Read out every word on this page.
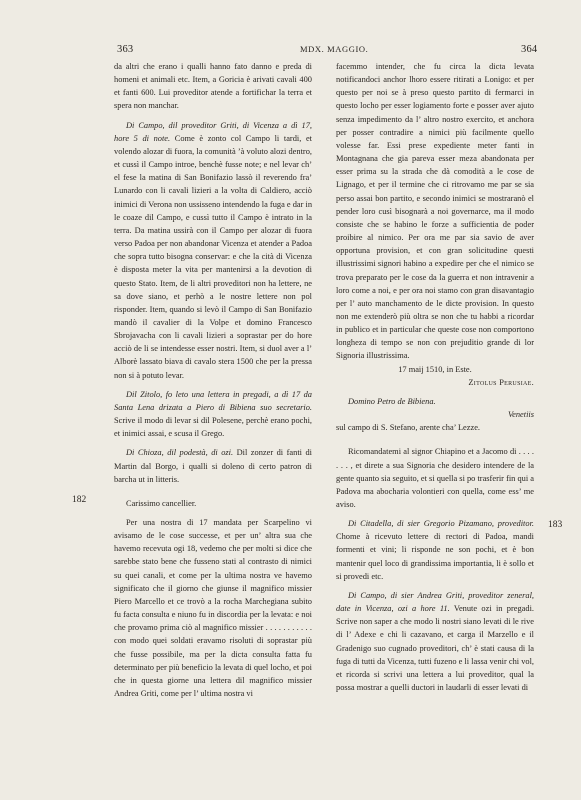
363	MDX. MAGGIO.	364
182
183

da altri che erano i qualli hanno fato danno e preda di homeni et animali etc. Item, a Goricia è arivati cavali 400 et fanti 600. Lui proveditor atende a fortifichar la terra et spera non manchar.

Di Campo, dil proveditor Griti, di Vicenza a dì 17, hore 5 di note. Come è zonto col Campo li tardi, et volendo alozar di fuora, la comunità ’à voluto alozi dentro, et cussì il Campo introe, benchè fusse note; e nel levar ch’ el fese la matina di San Bonifazio lassò il reverendo fra’ Lunardo con li cavali lizieri a la volta di Caldiero, acciò inimici di Verona non ussisseno intendendo la fuga e dar in le coaze dil Campo, e cussì tutto il Campo è intrato in la terra. Da matina ussirà con il Campo per alozar di fuora verso Padoa per non abandonar Vicenza et atender a Padoa che sopra tutto bisogna conservar: e che la cità di Vicenza è disposta meter la vita per mantenirsi a la devotion di questo Stato. Item, de li altri proveditori non ha lettere, ne sa dove siano, et perhò a le nostre lettere non pol risponder. Item, quando si levò il Campo di San Bonifazio mandò il cavalier di la Volpe et domino Francesco Sbrojavacha con li cavali lizieri a soprastar per do hore acciò de li se intendesse esser nostri. Item, si duol aver a l’ Alborè lassato biava di cavalo stera 1500 che per la pressa non si à potuto levar.

Dil Zitolo, fo leto una lettera in pregadi, a dì 17 da Santa Lena drizata a Piero di Bibiena suo secretario. Scrive il modo di levar si dil Polesene, perchè erano pochi, et inimici assai, e scusa il Grego.

Di Chioza, dil podestà, di ozi. Dil zonzer di fanti di Martin dal Borgo, i qualli si doleno di certo patron di barcha ut in litteris.

Carissimo cancellier.

Per una nostra di 17 mandata per Scarpelino vi avisamo de le cose successe, et per un’ altra sua che havemo recevuta ogi 18, vedemo che per molti si dice che sarebbe stato bene che fusseno stati al contrasto di nimici su quei canali, et come per la ultima nostra ve havemo significato che il giorno che giunse il magnifico missier Piero Marcello et ce trovò a la rocha Marchegiana subito fu facta consulta e niuno fu in discordia per la levata: e noi che provamo prima ciò al magnifico missier . . . . . . . . . . . con modo quei soldati eravamo risoluti di soprastar più che fusse possibile, ma per la dicta consulta fatta fu determinato per più beneficio la levata di quel locho, et poi che in questa giorne una lettera dil magnifico missier Andrea Griti, come per l’ ultima nostra vi

facemmo intender, che fu circa la dicta levata notificandoci anchor lhoro essere ritirati a Lonigo: et per questo per noi se à preso questo partito di fermarci in questo locho per esser logiamento forte e posser aver ajuto senza impedimento da l’ altro nostro exercito, et anchora per posser contradire a nimici più facilmente quello volesse far. Essi prese expediente meter fanti in Montagnana che gia pareva esser meza abandonata per esser prima su la strada che dà comodità a le cose de Lignago, et per il termine che ci ritrovamo me par se sia perso assai bon partito, e secondo inimici se mostraranò el pender loro cusì bisognarà a noi governarce, ma il modo consiste che se habino le forze a sufficientia de poder proibire al nimico. Per ora me par sia savio de aver opportuna provision, et con gran solicitudine questi illustrissimi signori habino a expedire per che el nimico se trova preparato per le cose da la guerra et non intravenir a loro come a noi, e per ora noi stamo con gran disavantagio per l’ auto manchamento de le dicte provision. In questo non me extenderò più oltra se non che tu habbi a ricordar in publico et in particular che queste cose non comportono longheza di tempo se non con prejuditio grande di lor Signoria illustrissima.

17 maij 1510, in Este.

Zitolus Perusiae.

Domino Petro de Bibiena.

Venetiis

sul campo di S. Stefano, arente cha’ Lezze.

Ricomandatemi al signor Chiapino et a Jacomo di . . . . . . . , et direte a sua Signoria che desidero intendere de la gente quanto sia seguito, et si quella si po trasferir fin qui a Padova ma abocharia volontieri con quella, come ess’ me aviso.

Di Citadella, di sier Gregorio Pizamano, proveditor. Chome à ricevuto lettere di rectori di Padoa, mandi formenti et vini; li risponde ne son pochi, et è bon mantenir quel loco di grandissima importantia, li è sollo et si provedi etc.

Di Campo, di sier Andrea Griti, proveditor zeneral, date in Vicenza, ozi a hore 11. Venute ozi in pregadi. Scrive non saper a che modo li nostri siano levati di le rive di l’ Adexe e chi li cazavano, et carga il Marzello e il Gradenigo suo cugnado proveditori, ch’ è stati causa di la fuga di tutti da Vicenza, tutti fuzeno e li lassa venir chi vol, et ricorda si scrivi una lettera a lui proveditor, qual la possa mostrar a quelli ductori in laudarli di esser levati di
